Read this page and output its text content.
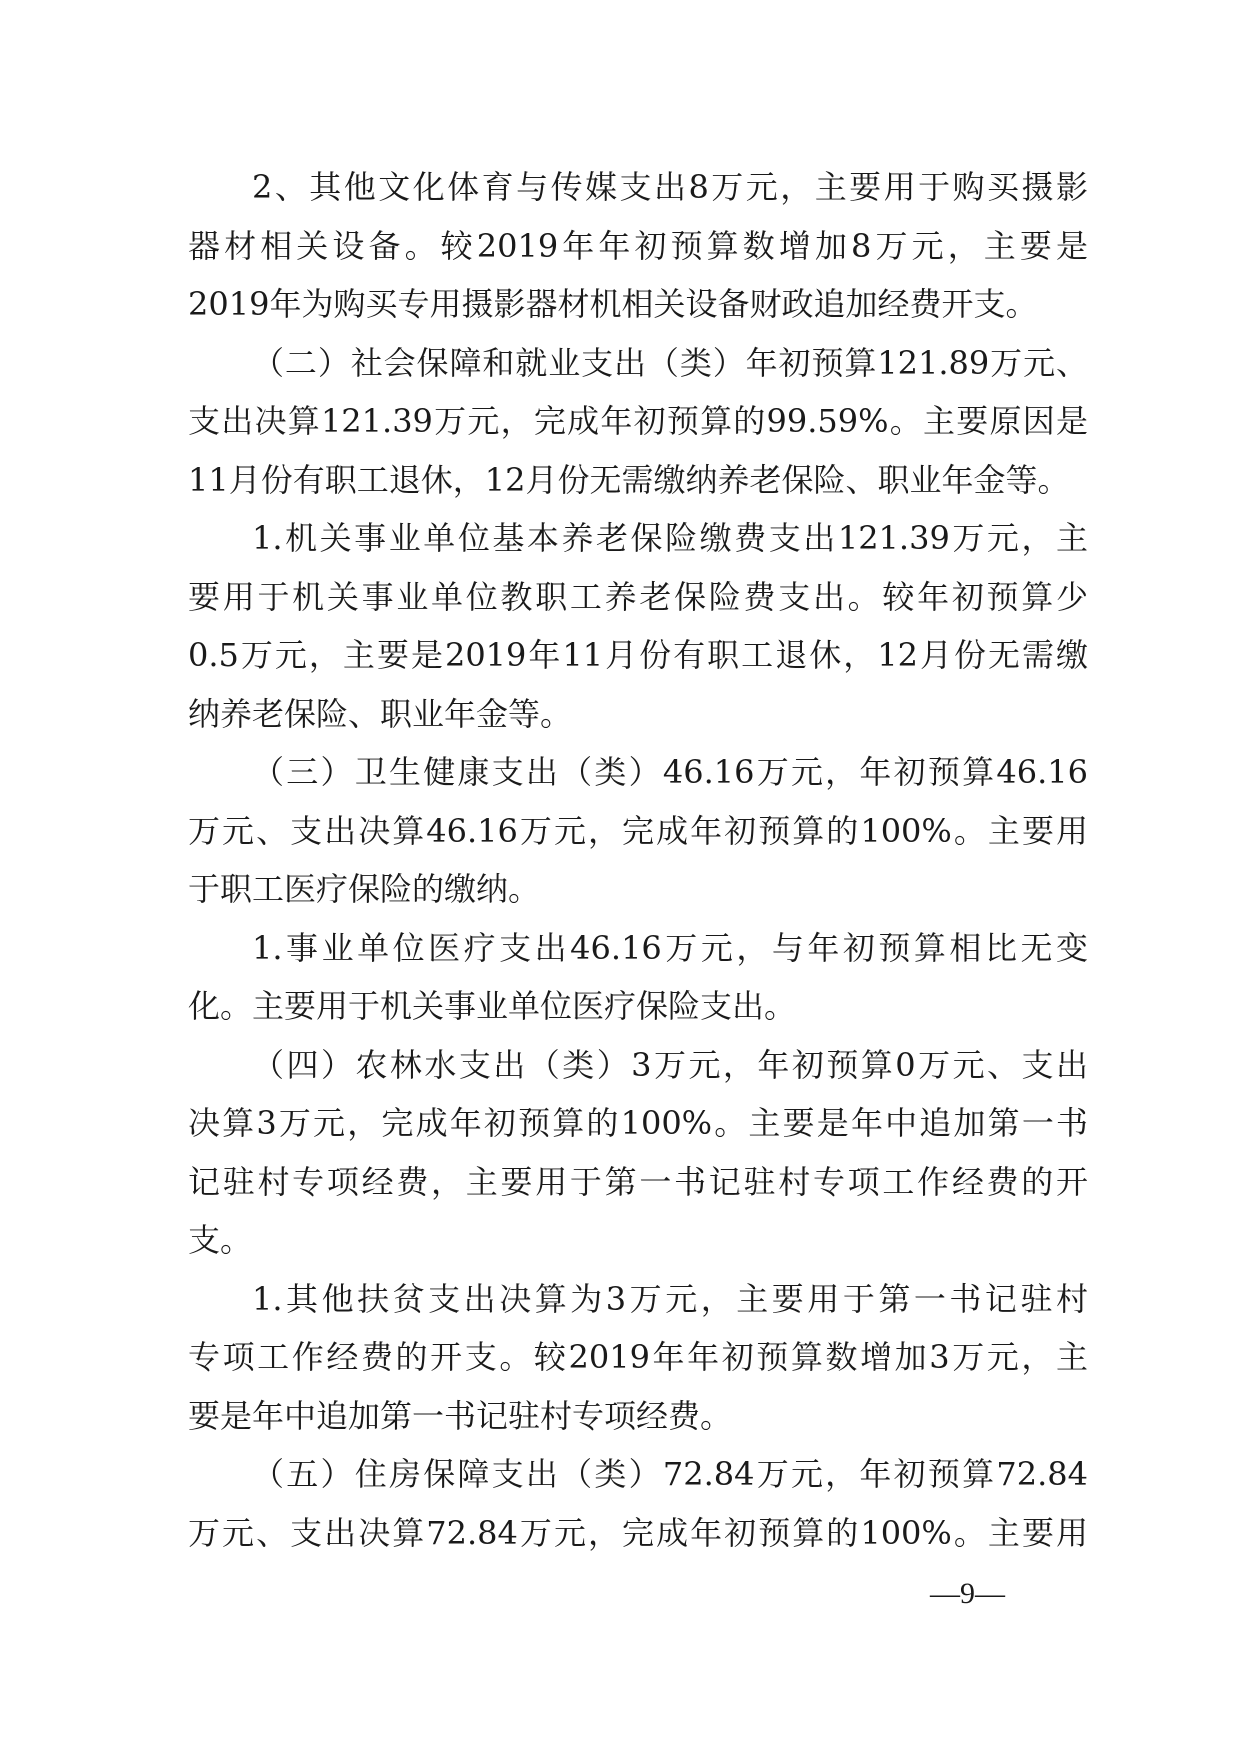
2、其他文化体育与传媒支出8万元，主要用于购买摄影
器材相关设备。较2019年年初预算数增加8万元，主要是
2019年为购买专用摄影器材机相关设备财政追加经费开支。
（二）社会保障和就业支出（类）年初预算121.89万元、
支出决算121.39万元，完成年初预算的99.59%。主要原因是
11月份有职工退休，12月份无需缴纳养老保险、职业年金等。
1.机关事业单位基本养老保险缴费支出121.39万元，主
要用于机关事业单位教职工养老保险费支出。较年初预算少
0.5万元，主要是2019年11月份有职工退休，12月份无需缴
纳养老保险、职业年金等。
（三）卫生健康支出（类）46.16万元，年初预算46.16
万元、支出决算46.16万元，完成年初预算的100%。主要用
于职工医疗保险的缴纳。
1.事业单位医疗支出46.16万元，与年初预算相比无变
化。主要用于机关事业单位医疗保险支出。
（四）农林水支出（类）3万元，年初预算0万元、支出
决算3万元，完成年初预算的100%。主要是年中追加第一书
记驻村专项经费，主要用于第一书记驻村专项工作经费的开
支。
1.其他扶贫支出决算为3万元，主要用于第一书记驻村
专项工作经费的开支。较2019年年初预算数增加3万元，主
要是年中追加第一书记驻村专项经费。
（五）住房保障支出（类）72.84万元，年初预算72.84
万元、支出决算72.84万元，完成年初预算的100%。主要用
—9—
